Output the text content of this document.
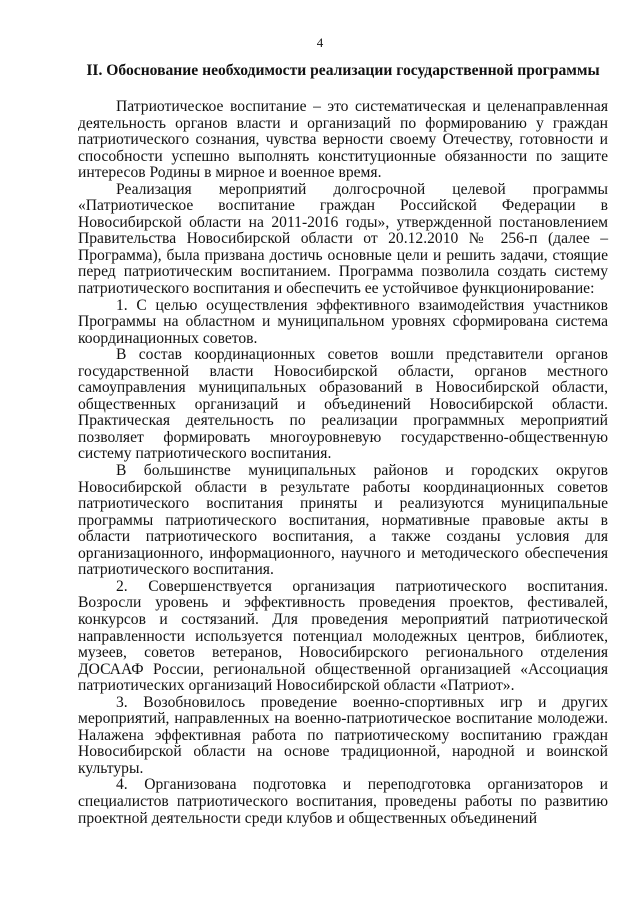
4
II. Обоснование необходимости реализации государственной программы

Патриотическое воспитание – это систематическая и целенаправленная деятельность органов власти и организаций по формированию у граждан патриотического сознания, чувства верности своему Отечеству, готовности и способности успешно выполнять конституционные обязанности по защите интересов Родины в мирное и военное время.

Реализация мероприятий долгосрочной целевой программы «Патриотическое воспитание граждан Российской Федерации в Новосибирской области на 2011-2016 годы», утвержденной постановлением Правительства Новосибирской области от 20.12.2010 № 256-п (далее – Программа), была призвана достичь основные цели и решить задачи, стоящие перед патриотическим воспитанием. Программа позволила создать систему патриотического воспитания и обеспечить ее устойчивое функционирование:

1. С целью осуществления эффективного взаимодействия участников Программы на областном и муниципальном уровнях сформирована система координационных советов.

В состав координационных советов вошли представители органов государственной власти Новосибирской области, органов местного самоуправления муниципальных образований в Новосибирской области, общественных организаций и объединений Новосибирской области. Практическая деятельность по реализации программных мероприятий позволяет формировать многоуровневую государственно-общественную систему патриотического воспитания.

В большинстве муниципальных районов и городских округов Новосибирской области в результате работы координационных советов патриотического воспитания приняты и реализуются муниципальные программы патриотического воспитания, нормативные правовые акты в области патриотического воспитания, а также созданы условия для организационного, информационного, научного и методического обеспечения патриотического воспитания.

2. Совершенствуется организация патриотического воспитания. Возросли уровень и эффективность проведения проектов, фестивалей, конкурсов и состязаний. Для проведения мероприятий патриотической направленности используется потенциал молодежных центров, библиотек, музеев, советов ветеранов, Новосибирского регионального отделения ДОСААФ России, региональной общественной организацией «Ассоциация патриотических организаций Новосибирской области «Патриот».

3. Возобновилось проведение военно-спортивных игр и других мероприятий, направленных на военно-патриотическое воспитание молодежи. Налажена эффективная работа по патриотическому воспитанию граждан Новосибирской области на основе традиционной, народной и воинской культуры.

4. Организована подготовка и переподготовка организаторов и специалистов патриотического воспитания, проведены работы по развитию проектной деятельности среди клубов и общественных объединений
